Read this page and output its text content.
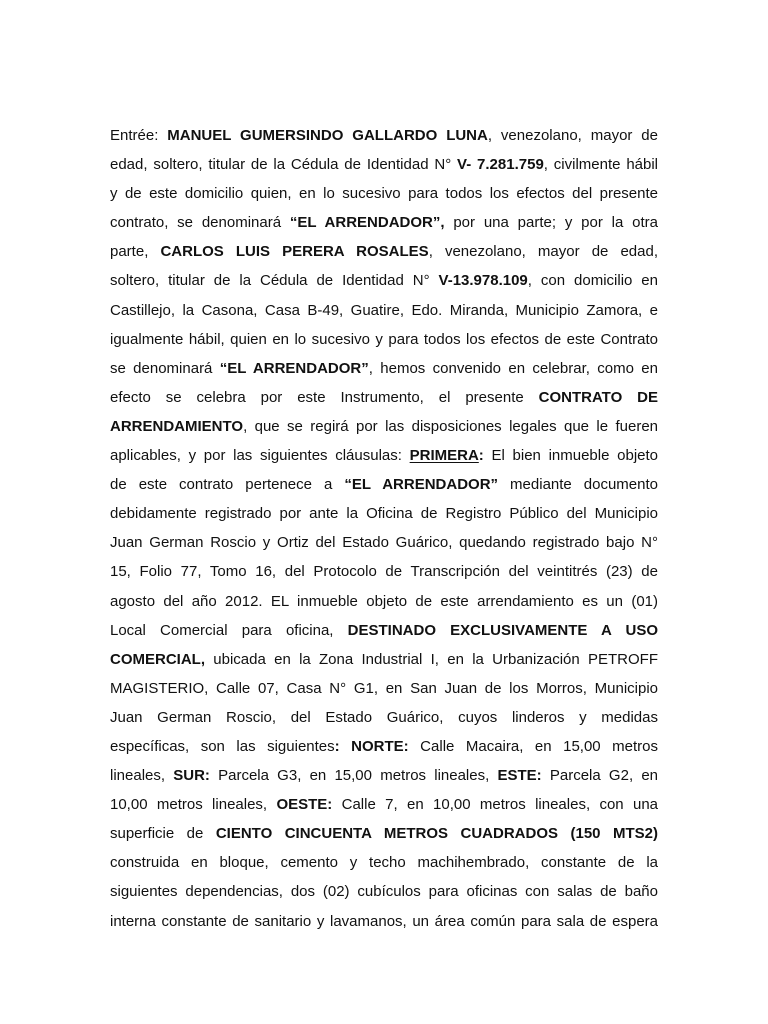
Entrée: MANUEL GUMERSINDO GALLARDO LUNA, venezolano, mayor de
edad, soltero, titular de la Cédula de Identidad N° V- 7.281.759, civilmente hábil
y de este domicilio quien, en lo sucesivo para todos los efectos del presente
contrato, se denominará “EL ARRENDADOR”, por una parte; y por la otra
parte, CARLOS LUIS PERERA ROSALES, venezolano, mayor de edad,
soltero, titular de la Cédula de Identidad N° V-13.978.109, con domicilio en
Castillejo, la Casona, Casa B-49, Guatire, Edo. Miranda, Municipio Zamora, e
igualmente hábil, quien en lo sucesivo y para todos los efectos de este Contrato
se denominará “EL ARRENDADOR”, hemos convenido en celebrar, como en
efecto se celebra por este Instrumento, el presente CONTRATO DE
ARRENDAMIENTO, que se regirá por las disposiciones legales que le fueren
aplicables, y por las siguientes cláusulas: PRIMERA: El bien inmueble objeto
de este contrato pertenece a “EL ARRENDADOR” mediante documento
debidamente registrado por ante la Oficina de Registro Público del Municipio
Juan German Roscio y Ortiz del Estado Guárico, quedando registrado bajo N°
15, Folio 77, Tomo 16, del Protocolo de Transcripción del veintitrés (23) de
agosto del año 2012. EL inmueble objeto de este arrendamiento es un (01)
Local Comercial para oficina, DESTINADO EXCLUSIVAMENTE A USO
COMERCIAL, ubicada en la Zona Industrial I, en la Urbanización PETROFF
MAGISTERIO, Calle 07, Casa N° G1, en San Juan de los Morros, Municipio
Juan German Roscio, del Estado Guárico, cuyos linderos y medidas
específicas, son las siguientes: NORTE: Calle Macaira, en 15,00 metros
lineales, SUR: Parcela G3, en 15,00 metros lineales, ESTE: Parcela G2, en
10,00 metros lineales, OESTE: Calle 7, en 10,00 metros lineales, con una
superficie de CIENTO CINCUENTA METROS CUADRADOS (150 MTS2)
construida en bloque, cemento y techo machihembrado, constante de la
siguientes dependencias, dos (02) cubículos para oficinas con salas de baño
interna constante de sanitario y lavamanos, un área común para sala de espera
